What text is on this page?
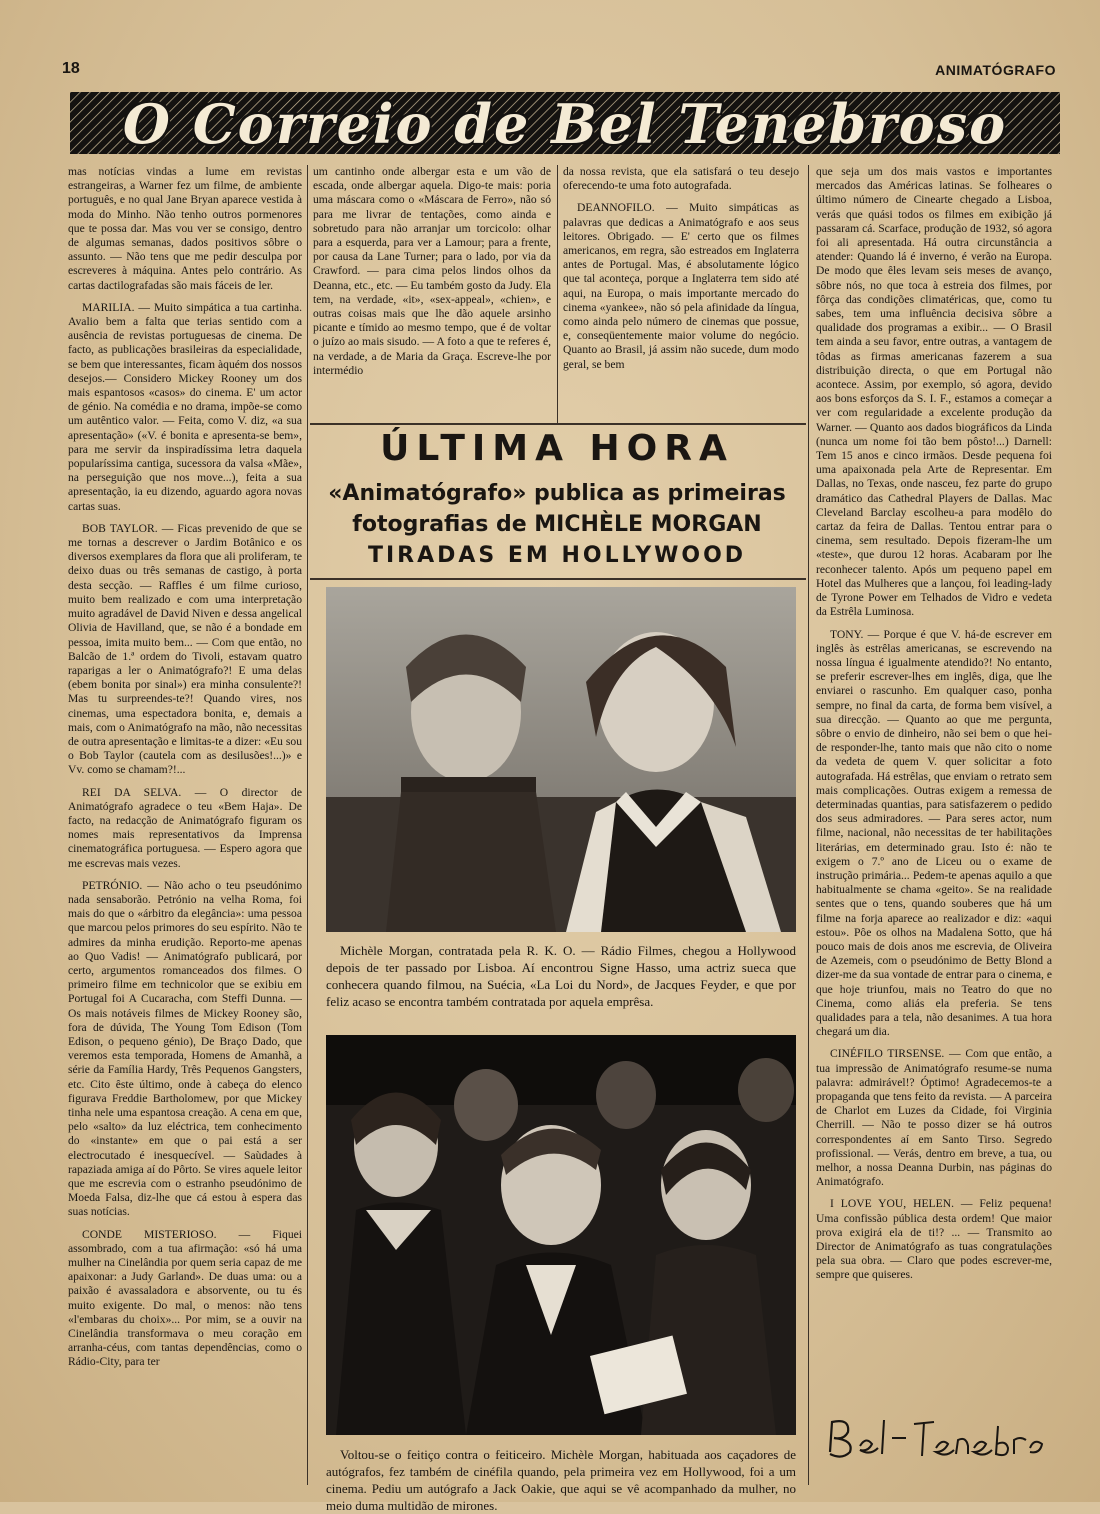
18	ANIMATÓGRAFO
O Correio de Bel Tenebroso

mas notícias vindas a lume em revistas estrangeiras, a Warner fez um filme, de ambiente português, e no qual Jane Bryan aparece vestida à moda do Minho. Não tenho outros pormenores que te possa dar. Mas vou ver se consigo, dentro de algumas semanas, dados positivos sôbre o assunto. — Não tens que me pedir desculpa por escreveres à máquina. Antes pelo contrário. As cartas dactilografadas são mais fáceis de ler.

MARILIA. — Muito simpática a tua cartinha. Avalio bem a falta que terias sentido com a ausência de revistas portuguesas de cinema. De facto, as publicações brasileiras da especialidade, se bem que interessantes, ficam àquém dos nossos desejos.— Considero Mickey Rooney um dos mais espantosos «casos» do cinema. E' um actor de génio. Na comédia e no drama, impõe-se como um autêntico valor. — Feita, como V. diz, «a sua apresentação» («V. é bonita e apresenta-se bem», para me servir da inspiradíssima letra daquela popularíssima cantiga, sucessora da valsa «Mãe», na perseguição que nos move...), feita a sua apresentação, ia eu dizendo, aguardo agora novas cartas suas.

BOB TAYLOR. — Ficas prevenido de que se me tornas a descrever o Jardim Botânico e os diversos exemplares da flora que ali proliferam, te deixo duas ou três semanas de castigo, à porta desta secção. — Raffles é um filme curioso, muito bem realizado e com uma interpretação muito agradável de David Niven e dessa angelical Olivia de Havilland, que, se não é a bondade em pessoa, imita muito bem... — Com que então, no Balcão de 1.ª ordem do Tivoli, estavam quatro raparigas a ler o Animatógrafo?! E uma delas (ebem bonita por sinal») era minha consulente?! Mas tu surpreendes-te?! Quando vires, nos cinemas, uma espectadora bonita, e, demais a mais, com o Animatógrafo na mão, não necessitas de outra apresentação e limitas-te a dizer: «Eu sou o Bob Taylor (cautela com as desilusões!...)» e Vv. como se chamam?!...

REI DA SELVA. — O director de Animatógrafo agradece o teu «Bem Haja». De facto, na redacção de Animatógrafo figuram os nomes mais representativos da Imprensa cinematográfica portuguesa. — Espero agora que me escrevas mais vezes.

PETRÓNIO. — Não acho o teu pseudónimo nada sensaborão. Petrónio na velha Roma, foi mais do que o «árbitro da elegância»: uma pessoa que marcou pelos primores do seu espírito. Não te admires da minha erudição. Reporto-me apenas ao Quo Vadis! — Animatógrafo publicará, por certo, argumentos romanceados dos filmes. O primeiro filme em technicolor que se exibiu em Portugal foi A Cucaracha, com Steffi Dunna. — Os mais notáveis filmes de Mickey Rooney são, fora de dúvida, The Young Tom Edison (Tom Edison, o pequeno génio), De Braço Dado, que veremos esta temporada, Homens de Amanhã, a série da Família Hardy, Três Pequenos Gangsters, etc. Cito êste último, onde à cabeça do elenco figurava Freddie Bartholomew, por que Mickey tinha nele uma espantosa creação. A cena em que, pelo «salto» da luz eléctrica, tem conhecimento do «instante» em que o pai está a ser electrocutado é inesquecível. — Saùdades à rapaziada amiga aí do Pôrto. Se vires aquele leitor que me escrevia com o estranho pseudónimo de Moeda Falsa, diz-lhe que cá estou à espera das suas notícias.

CONDE MISTERIOSO. — Fiquei assombrado, com a tua afirmação: «só há uma mulher na Cinelândia por quem seria capaz de me apaixonar: a Judy Garland». De duas uma: ou a paixão é avassaladora e absorvente, ou tu és muito exigente. Do mal, o menos: não tens «l'embaras du choix»... Por mim, se a ouvir na Cinelândia transformava o meu coração em arranha-céus, com tantas dependências, como o Rádio-City, para ter

um cantinho onde albergar esta e um vão de escada, onde albergar aquela. Digo-te mais: poria uma máscara como o «Máscara de Ferro», não só para me livrar de tentações, como ainda e sobretudo para não arranjar um torcicolo: olhar para a esquerda, para ver a Lamour; para a frente, por causa da Lane Turner; para o lado, por via da Crawford. — para cima pelos lindos olhos da Deanna, etc., etc. — Eu também gosto da Judy. Ela tem, na verdade, «it», «sex-appeal», «chien», e outras coisas mais que lhe dão aquele arsinho picante e tímido ao mesmo tempo, que é de voltar o juízo ao mais sisudo. — A foto a que te referes é, na verdade, a de Maria da Graça. Escreve-lhe por intermédio

da nossa revista, que ela satisfará o teu desejo oferecendo-te uma foto autografada.

DEANNOFILO. — Muito simpáticas as palavras que dedicas a Animatógrafo e aos seus leitores. Obrigado. — E' certo que os filmes americanos, em regra, são estreados em Inglaterra antes de Portugal. Mas, é absolutamente lógico que tal aconteça, porque a Inglaterra tem sido até aqui, na Europa, o mais importante mercado do cinema «yankee», não só pela afinidade da língua, como ainda pelo número de cinemas que possue, e, conseqüentemente maior volume do negócio. Quanto ao Brasil, já assim não sucede, dum modo geral, se bem

ÚLTIMA HORA
«Animatógrafo» publica as primeiras
fotografias de MICHÈLE MORGAN
TIRADAS EM HOLLYWOOD
Michèle Morgan, contratada pela R. K. O. — Rádio Filmes, chegou a Hollywood depois de ter passado por Lisboa. Aí encontrou Signe Hasso, uma actriz sueca que conhecera quando filmou, na Suécia, «La Loi du Nord», de Jacques Feyder, e que por feliz acaso se encontra também contratada por aquela emprêsa.
Voltou-se o feitiço contra o feiticeiro. Michèle Morgan, habituada aos caçadores de autógrafos, fez também de cinéfila quando, pela primeira vez em Hollywood, foi a um cinema. Pediu um autógrafo a Jack Oakie, que aqui se vê acompanhado da mulher, no meio duma multidão de mirones.

que seja um dos mais vastos e importantes mercados das Américas latinas. Se folheares o último número de Cinearte chegado a Lisboa, verás que quási todos os filmes em exibição já passaram cá. Scarface, produção de 1932, só agora foi ali apresentada. Há outra circunstância a atender: Quando lá é inverno, é verão na Europa. De modo que êles levam seis meses de avanço, sôbre nós, no que toca à estreia dos filmes, por fôrça das condições climatéricas, que, como tu sabes, tem uma influência decisiva sôbre a qualidade dos programas a exibir... — O Brasil tem ainda a seu favor, entre outras, a vantagem de tôdas as firmas americanas fazerem a sua distribuição directa, o que em Portugal não acontece. Assim, por exemplo, só agora, devido aos bons esforços da S. I. F., estamos a começar a ver com regularidade a excelente produção da Warner. — Quanto aos dados biográficos da Linda (nunca um nome foi tão bem pôsto!...) Darnell: Tem 15 anos e cinco irmãos. Desde pequena foi uma apaixonada pela Arte de Representar. Em Dallas, no Texas, onde nasceu, fez parte do grupo dramático das Cathedral Players de Dallas. Mac Cleveland Barclay escolheu-a para modêlo do cartaz da feira de Dallas. Tentou entrar para o cinema, sem resultado. Depois fizeram-lhe um «teste», que durou 12 horas. Acabaram por lhe reconhecer talento. Após um pequeno papel em Hotel das Mulheres que a lançou, foi leading-lady de Tyrone Power em Telhados de Vidro e vedeta da Estrêla Luminosa.

TONY. — Porque é que V. há-de escrever em inglês às estrêlas americanas, se escrevendo na nossa língua é igualmente atendido?! No entanto, se preferir escrever-lhes em inglês, diga, que lhe enviarei o rascunho. Em qualquer caso, ponha sempre, no final da carta, de forma bem visível, a sua direcção. — Quanto ao que me pergunta, sôbre o envio de dinheiro, não sei bem o que hei-de responder-lhe, tanto mais que não cito o nome da vedeta de quem V. quer solicitar a foto autografada. Há estrêlas, que enviam o retrato sem mais complicações. Outras exigem a remessa de determinadas quantias, para satisfazerem o pedido dos seus admiradores. — Para seres actor, num filme, nacional, não necessitas de ter habilitações literárias, em determinado grau. Isto é: não te exigem o 7.º ano de Liceu ou o exame de instrução primária... Pedem-te apenas aquilo a que habitualmente se chama «geito». Se na realidade sentes que o tens, quando souberes que há um filme na forja aparece ao realizador e diz: «aqui estou». Pôe os olhos na Madalena Sotto, que há pouco mais de dois anos me escrevia, de Oliveira de Azemeis, com o pseudónimo de Betty Blond a dizer-me da sua vontade de entrar para o cinema, e que hoje triunfou, mais no Teatro do que no Cinema, como aliás ela preferia. Se tens qualidades para a tela, não desanimes. A tua hora chegará um dia.

CINÉFILO TIRSENSE. — Com que então, a tua impressão de Animatógrafo resume-se numa palavra: admirável!? Óptimo! Agradecemos-te a propaganda que tens feito da revista. — A parceira de Charlot em Luzes da Cidade, foi Virginia Cherrill. — Não te posso dizer se há outros correspondentes aí em Santo Tirso. Segredo profissional. — Verás, dentro em breve, a tua, ou melhor, a nossa Deanna Durbin, nas páginas do Animatógrafo.

I LOVE YOU, HELEN. — Feliz pequena! Uma confissão pública desta ordem! Que maior prova exigirá ela de ti!? ... — Transmito ao Director de Animatógrafo as tuas congratulações pela sua obra. — Claro que podes escrever-me, sempre que quiseres.
